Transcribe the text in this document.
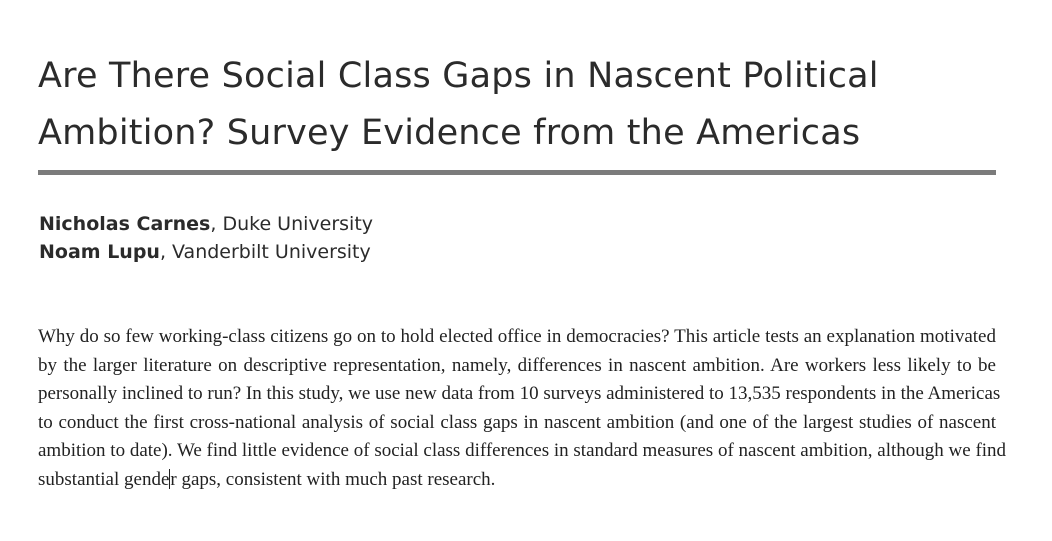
Are There Social Class Gaps in Nascent Political
Ambition? Survey Evidence from the Americas
Nicholas Carnes, Duke University
Noam Lupu, Vanderbilt University
Why do so few working-class citizens go on to hold elected office in democracies? This article tests an explanation motivated
by the larger literature on descriptive representation, namely, differences in nascent ambition. Are workers less likely to be
personally inclined to run? In this study, we use new data from 10 surveys administered to 13,535 respondents in the Americas
to conduct the first cross-national analysis of social class gaps in nascent ambition (and one of the largest studies of nascent
ambition to date). We find little evidence of social class differences in standard measures of nascent ambition, although we find
substantial gender gaps, consistent with much past research.
